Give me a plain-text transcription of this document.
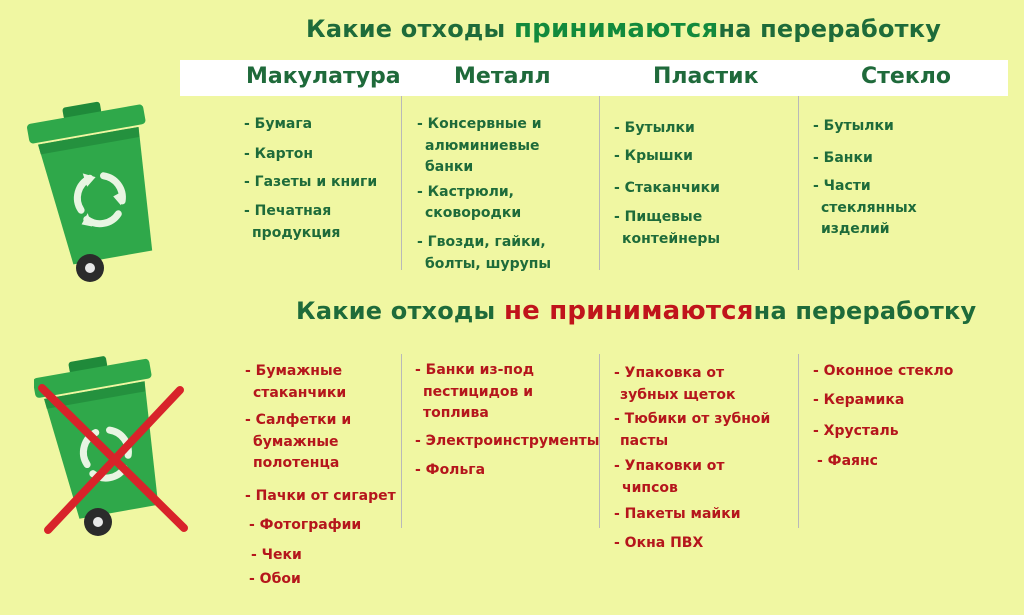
Какие отходы принимаютсяна переработку
Макулатура Металл	Пластик	Стекло
Какие отходы не принимаютсяна переработку
- Бумага
- Картон
- Газеты и книги
- Печатная
продукция
- Консервные и
алюминиевые
банки
- Кастрюли,
сковородки
- Гвозди, гайки,
болты, шурупы
- Бутылки
- Крышки
- Стаканчики
- Пищевые
контейнеры
- Бутылки
- Банки
- Части
стеклянных
изделий
- Бумажные
стаканчики
- Салфетки и
бумажные
полотенца
- Пачки от сигарет
- Фотографии
- Чеки
- Обои
- Банки из-под
пестицидов и
топлива
- Электроинструменты
- Фольга
- Упаковка от
зубных щеток
- Тюбики от зубной
пасты
- Упаковки от
чипсов
- Пакеты майки
- Окна ПВХ
- Оконное стекло
- Керамика
- Хрусталь
- Фаянс
